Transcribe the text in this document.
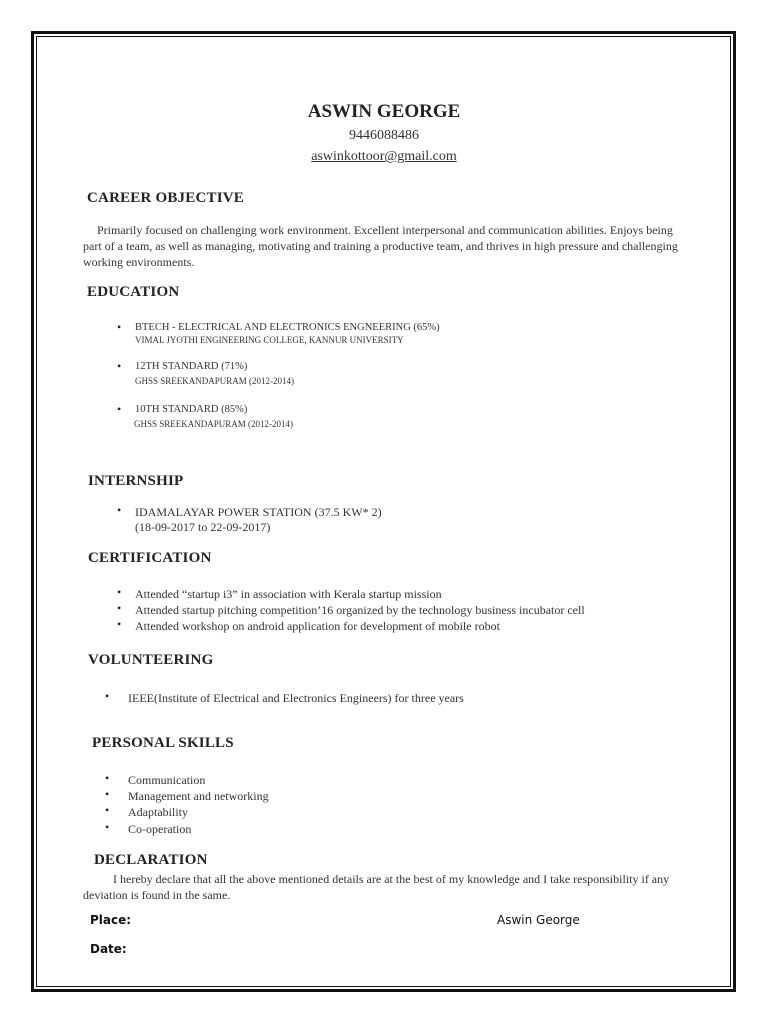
ASWIN GEORGE

9446088486

aswinkottoor@gmail.com

CAREER OBJECTIVE

Primarily focused on challenging work environment. Excellent interpersonal and communication abilities. Enjoys being part of a team, as well as managing, motivating and training a productive team, and thrives in high pressure and challenging working environments.

EDUCATION

• BTECH - ELECTRICAL AND ELECTRONICS ENGNEERING (65%)

VIMAL JYOTHI ENGINEERING COLLEGE, KANNUR UNIVERSITY

• 12TH STANDARD (71%)

GHSS SREEKANDAPURAM (2012-2014)

• 10TH STANDARD (85%)

GHSS SREEKANDAPURAM (2012-2014)

INTERNSHIP

• IDAMALAYAR POWER STATION (37.5 KW* 2)

(18-09-2017 to 22-09-2017)

CERTIFICATION

• Attended “startup i3” in association with Kerala startup mission

• Attended startup pitching competition’16 organized by the technology business incubator cell

• Attended workshop on android application for development of mobile robot

VOLUNTEERING

• IEEE(Institute of Electrical and Electronics Engineers) for three years

PERSONAL SKILLS

• Communication

• Management and networking

• Adaptability

• Co-operation

DECLARATION

I hereby declare that all the above mentioned details are at the best of my knowledge and I take responsibility if any deviation is found in the same.

Place:	Aswin George

Date:
